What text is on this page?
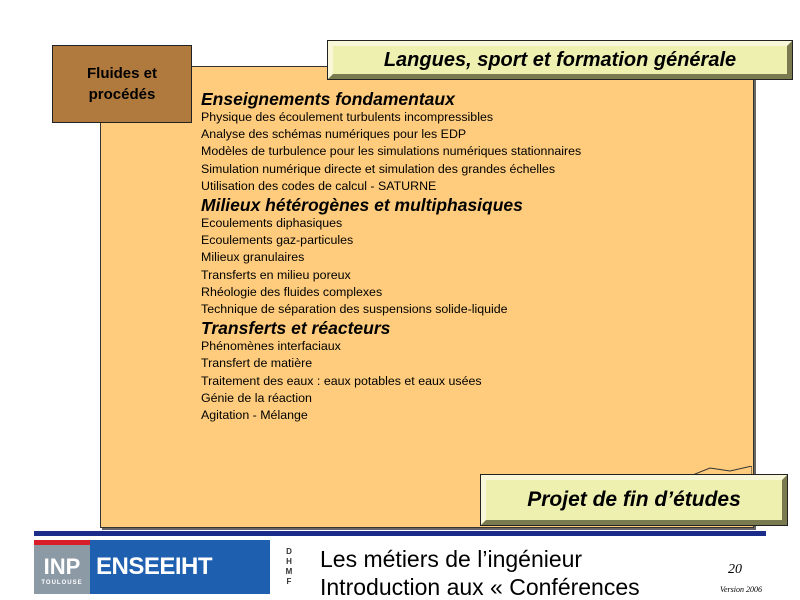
Fluides et procédés
Langues, sport et formation générale
Enseignements fondamentaux
Physique des écoulement turbulents incompressibles
Analyse des schémas numériques pour les EDP
Modèles de turbulence pour les simulations numériques stationnaires
Simulation numérique directe et simulation des grandes échelles
Utilisation des codes de calcul - SATURNE
Milieux hétérogènes et multiphasiques
Ecoulements diphasiques
Ecoulements gaz-particules
Milieux granulaires
Transferts en milieu poreux
Rhéologie des fluides complexes
Technique de séparation des suspensions solide-liquide
Transferts et réacteurs
Phénomènes interfaciaux
Transfert de matière
Traitement des eaux : eaux potables et eaux usées
Génie de la réaction
Agitation - Mélange
Projet de fin d’études
INP
TOULOUSE
ENSEEIHT
D
H
M
F
Les métiers de l’ingénieur
Introduction aux « Conférences
20
Version 2006
